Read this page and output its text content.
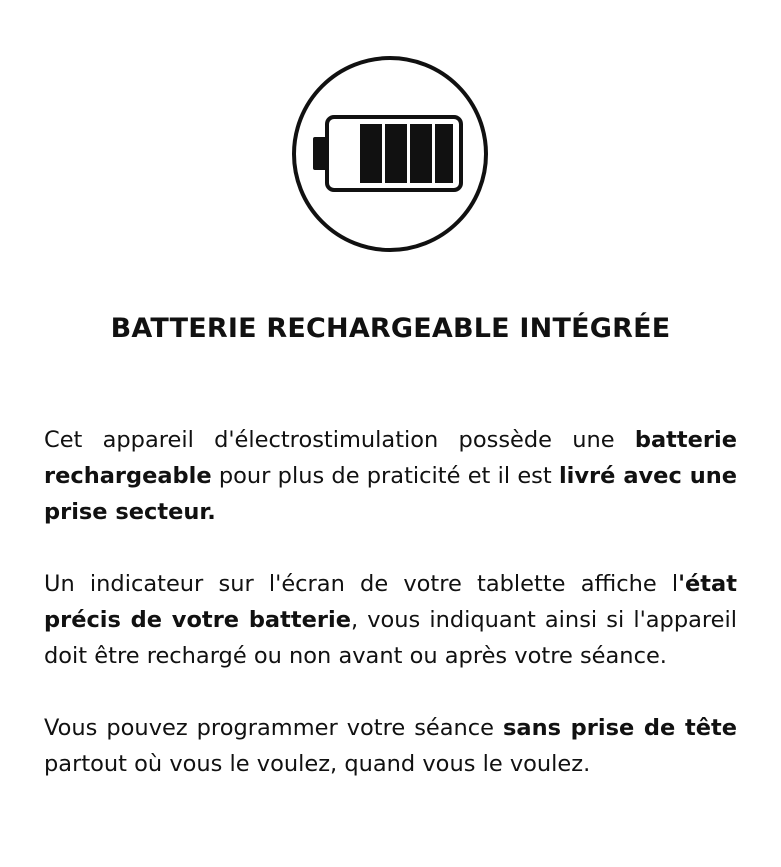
BATTERIE RECHARGEABLE INTÉGRÉE

Cet appareil d'électrostimulation possède une batterie rechargeable pour plus de praticité et il est livré avec une prise secteur.

Un indicateur sur l'écran de votre tablette affiche l'état précis de votre batterie, vous indiquant ainsi si l'appareil doit être rechargé ou non avant ou après votre séance.

Vous pouvez programmer votre séance sans prise de tête partout où vous le voulez, quand vous le voulez.
